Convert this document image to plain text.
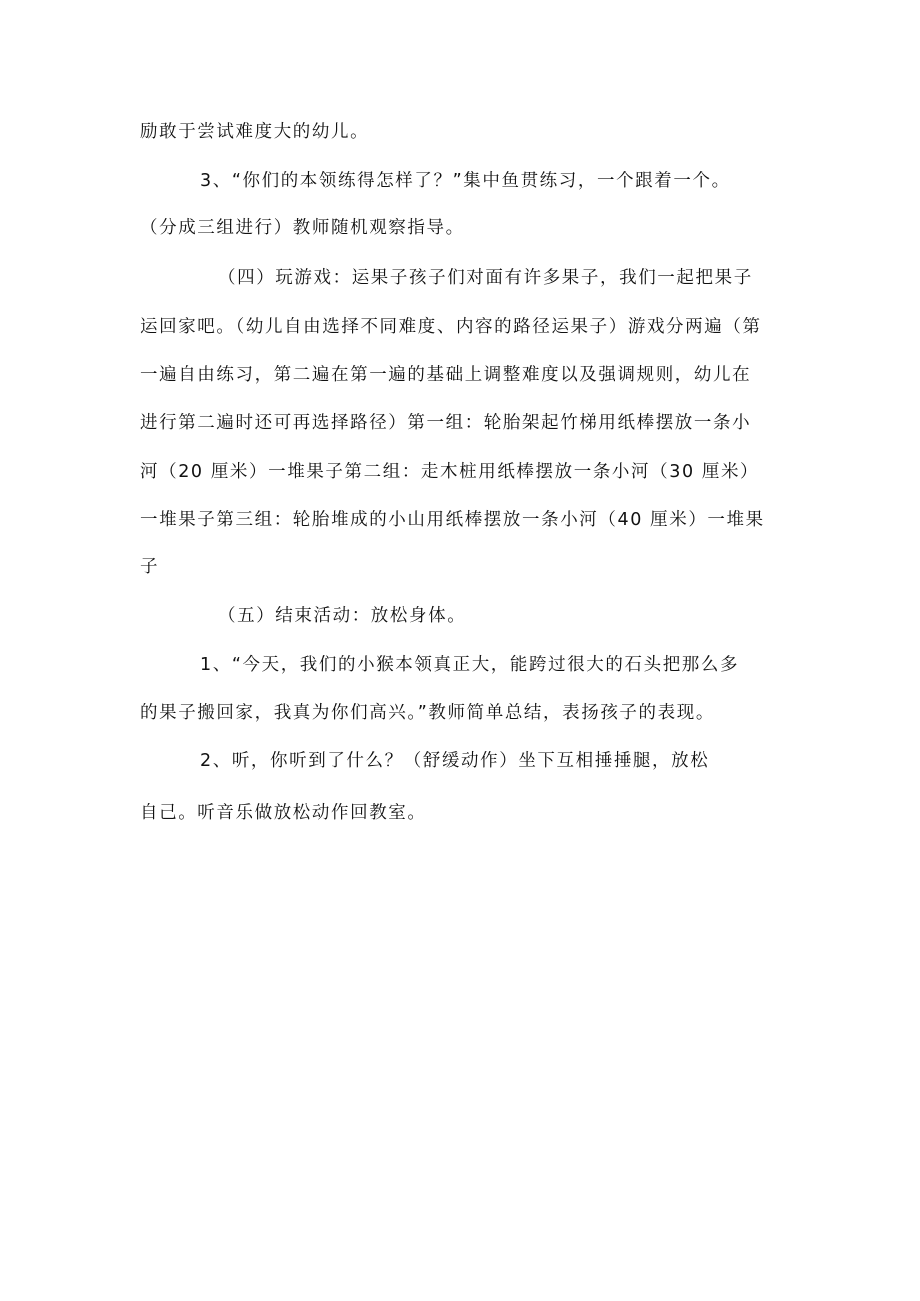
励敢于尝试难度大的幼儿。
3、“你们的本领练得怎样了？”集中鱼贯练习，一个跟着一个。
（分成三组进行）教师随机观察指导。
（四）玩游戏：运果子孩子们对面有许多果子，我们一起把果子
运回家吧。（幼儿自由选择不同难度、内容的路径运果子）游戏分两遍（第
一遍自由练习，第二遍在第一遍的基础上调整难度以及强调规则，幼儿在
进行第二遍时还可再选择路径）第一组：轮胎架起竹梯用纸棒摆放一条小
河（20 厘米）一堆果子第二组：走木桩用纸棒摆放一条小河（30 厘米）
一堆果子第三组：轮胎堆成的小山用纸棒摆放一条小河（40 厘米）一堆果
子
（五）结束活动：放松身体。
1、“今天，我们的小猴本领真正大，能跨过很大的石头把那么多
的果子搬回家，我真为你们高兴。”教师简单总结，表扬孩子的表现。
2、听，你听到了什么？（舒缓动作）坐下互相捶捶腿，放松
自己。听音乐做放松动作回教室。
